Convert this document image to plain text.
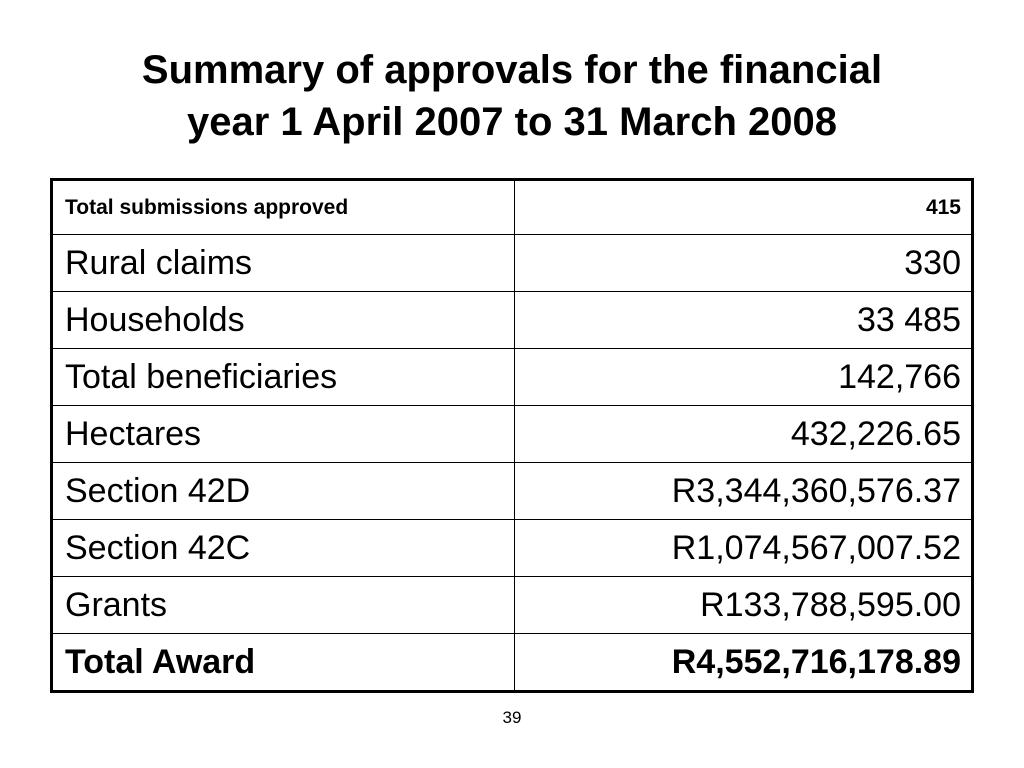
Summary of approvals for the financial
year 1 April 2007 to 31 March 2008
Total submissions approved	415
Rural claims	330
Households	33 485
Total beneficiaries	142,766
Hectares	432,226.65
Section 42D	R3,344,360,576.37
Section 42C	R1,074,567,007.52
Grants	R133,788,595.00
Total Award	R4,552,716,178.89
39
